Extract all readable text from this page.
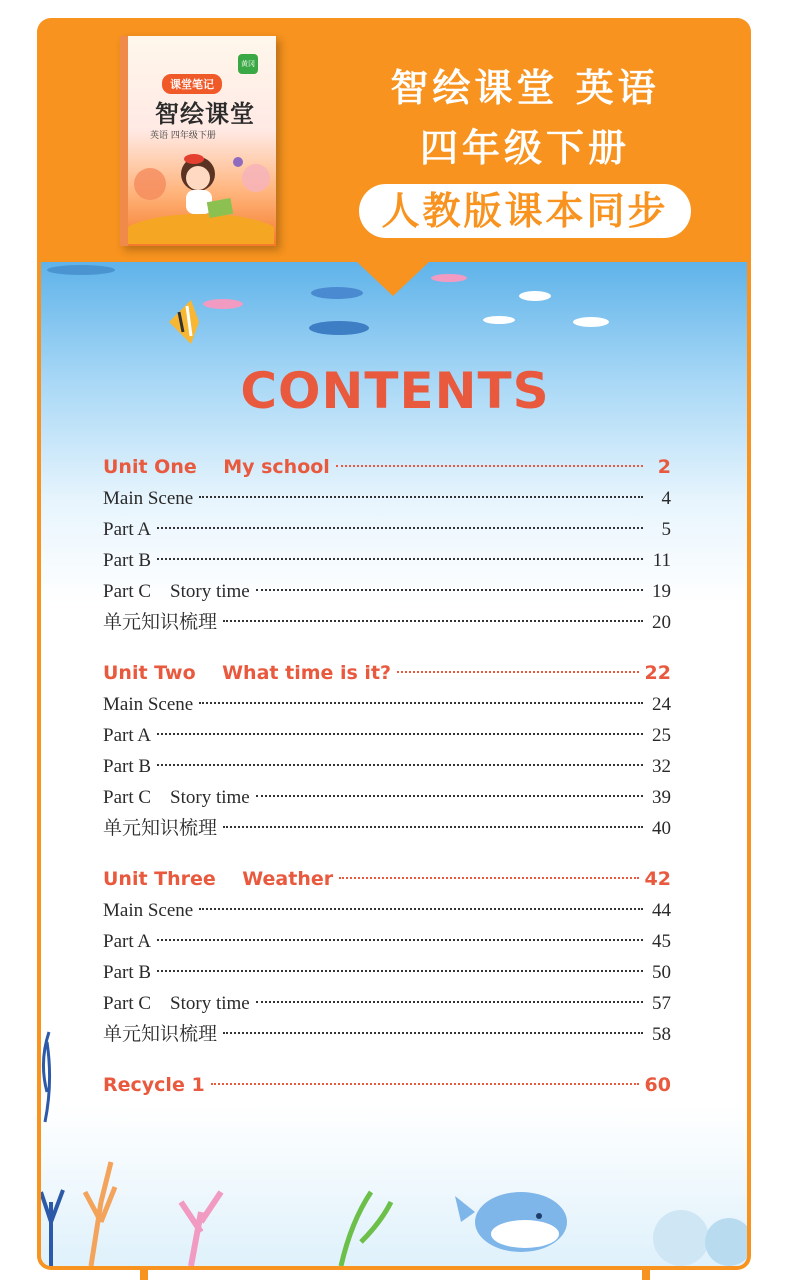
黄冈
课堂笔记
智绘课堂
英语 四年级下册
智绘课堂 英语
四年级下册
人教版课本同步
CONTENTS
Unit One    My school	2
Main Scene	4
Part A	5
Part B	11
Part C    Story time	19
单元知识梳理	20
Unit Two    What time is it?	22
Main Scene	24
Part A	25
Part B	32
Part C    Story time	39
单元知识梳理	40
Unit Three    Weather	42
Main Scene	44
Part A	45
Part B	50
Part C    Story time	57
单元知识梳理	58
Recycle 1	60
